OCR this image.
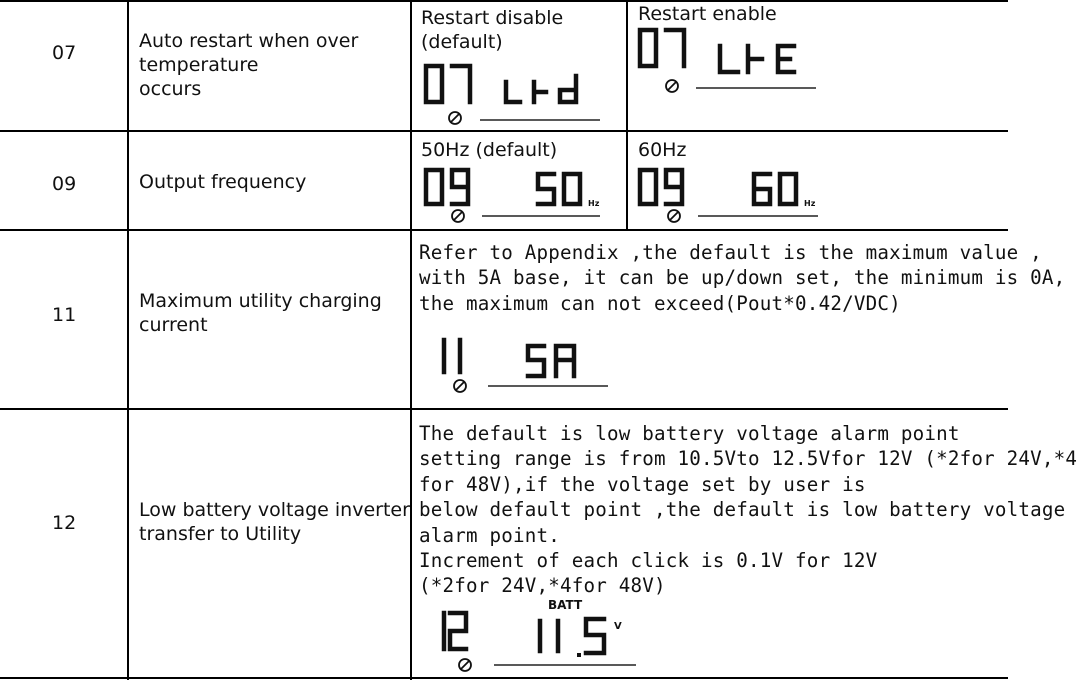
07
Auto restart when over
temperature
occurs
Restart disable
(default)
Restart enable
09	Output frequency
50Hz (default)
Hz
60Hz
Hz
11
Maximum utility charging
current
Refer to Appendix ,the default is the maximum value ,
with 5A base, it can be up/down set, the minimum is 0A,
the maximum can not exceed(Pout*0.42/VDC)
12
Low battery voltage inverter
transfer to Utility
The default is low battery voltage alarm point
setting range is from 10.5Vto 12.5Vfor 12V (*2for 24V,*4
for 48V),if the voltage set by user is
below default point ,the default is low battery voltage
alarm point.
Increment of each click is 0.1V for 12V
(*2for 24V,*4for 48V)
BATT
V
